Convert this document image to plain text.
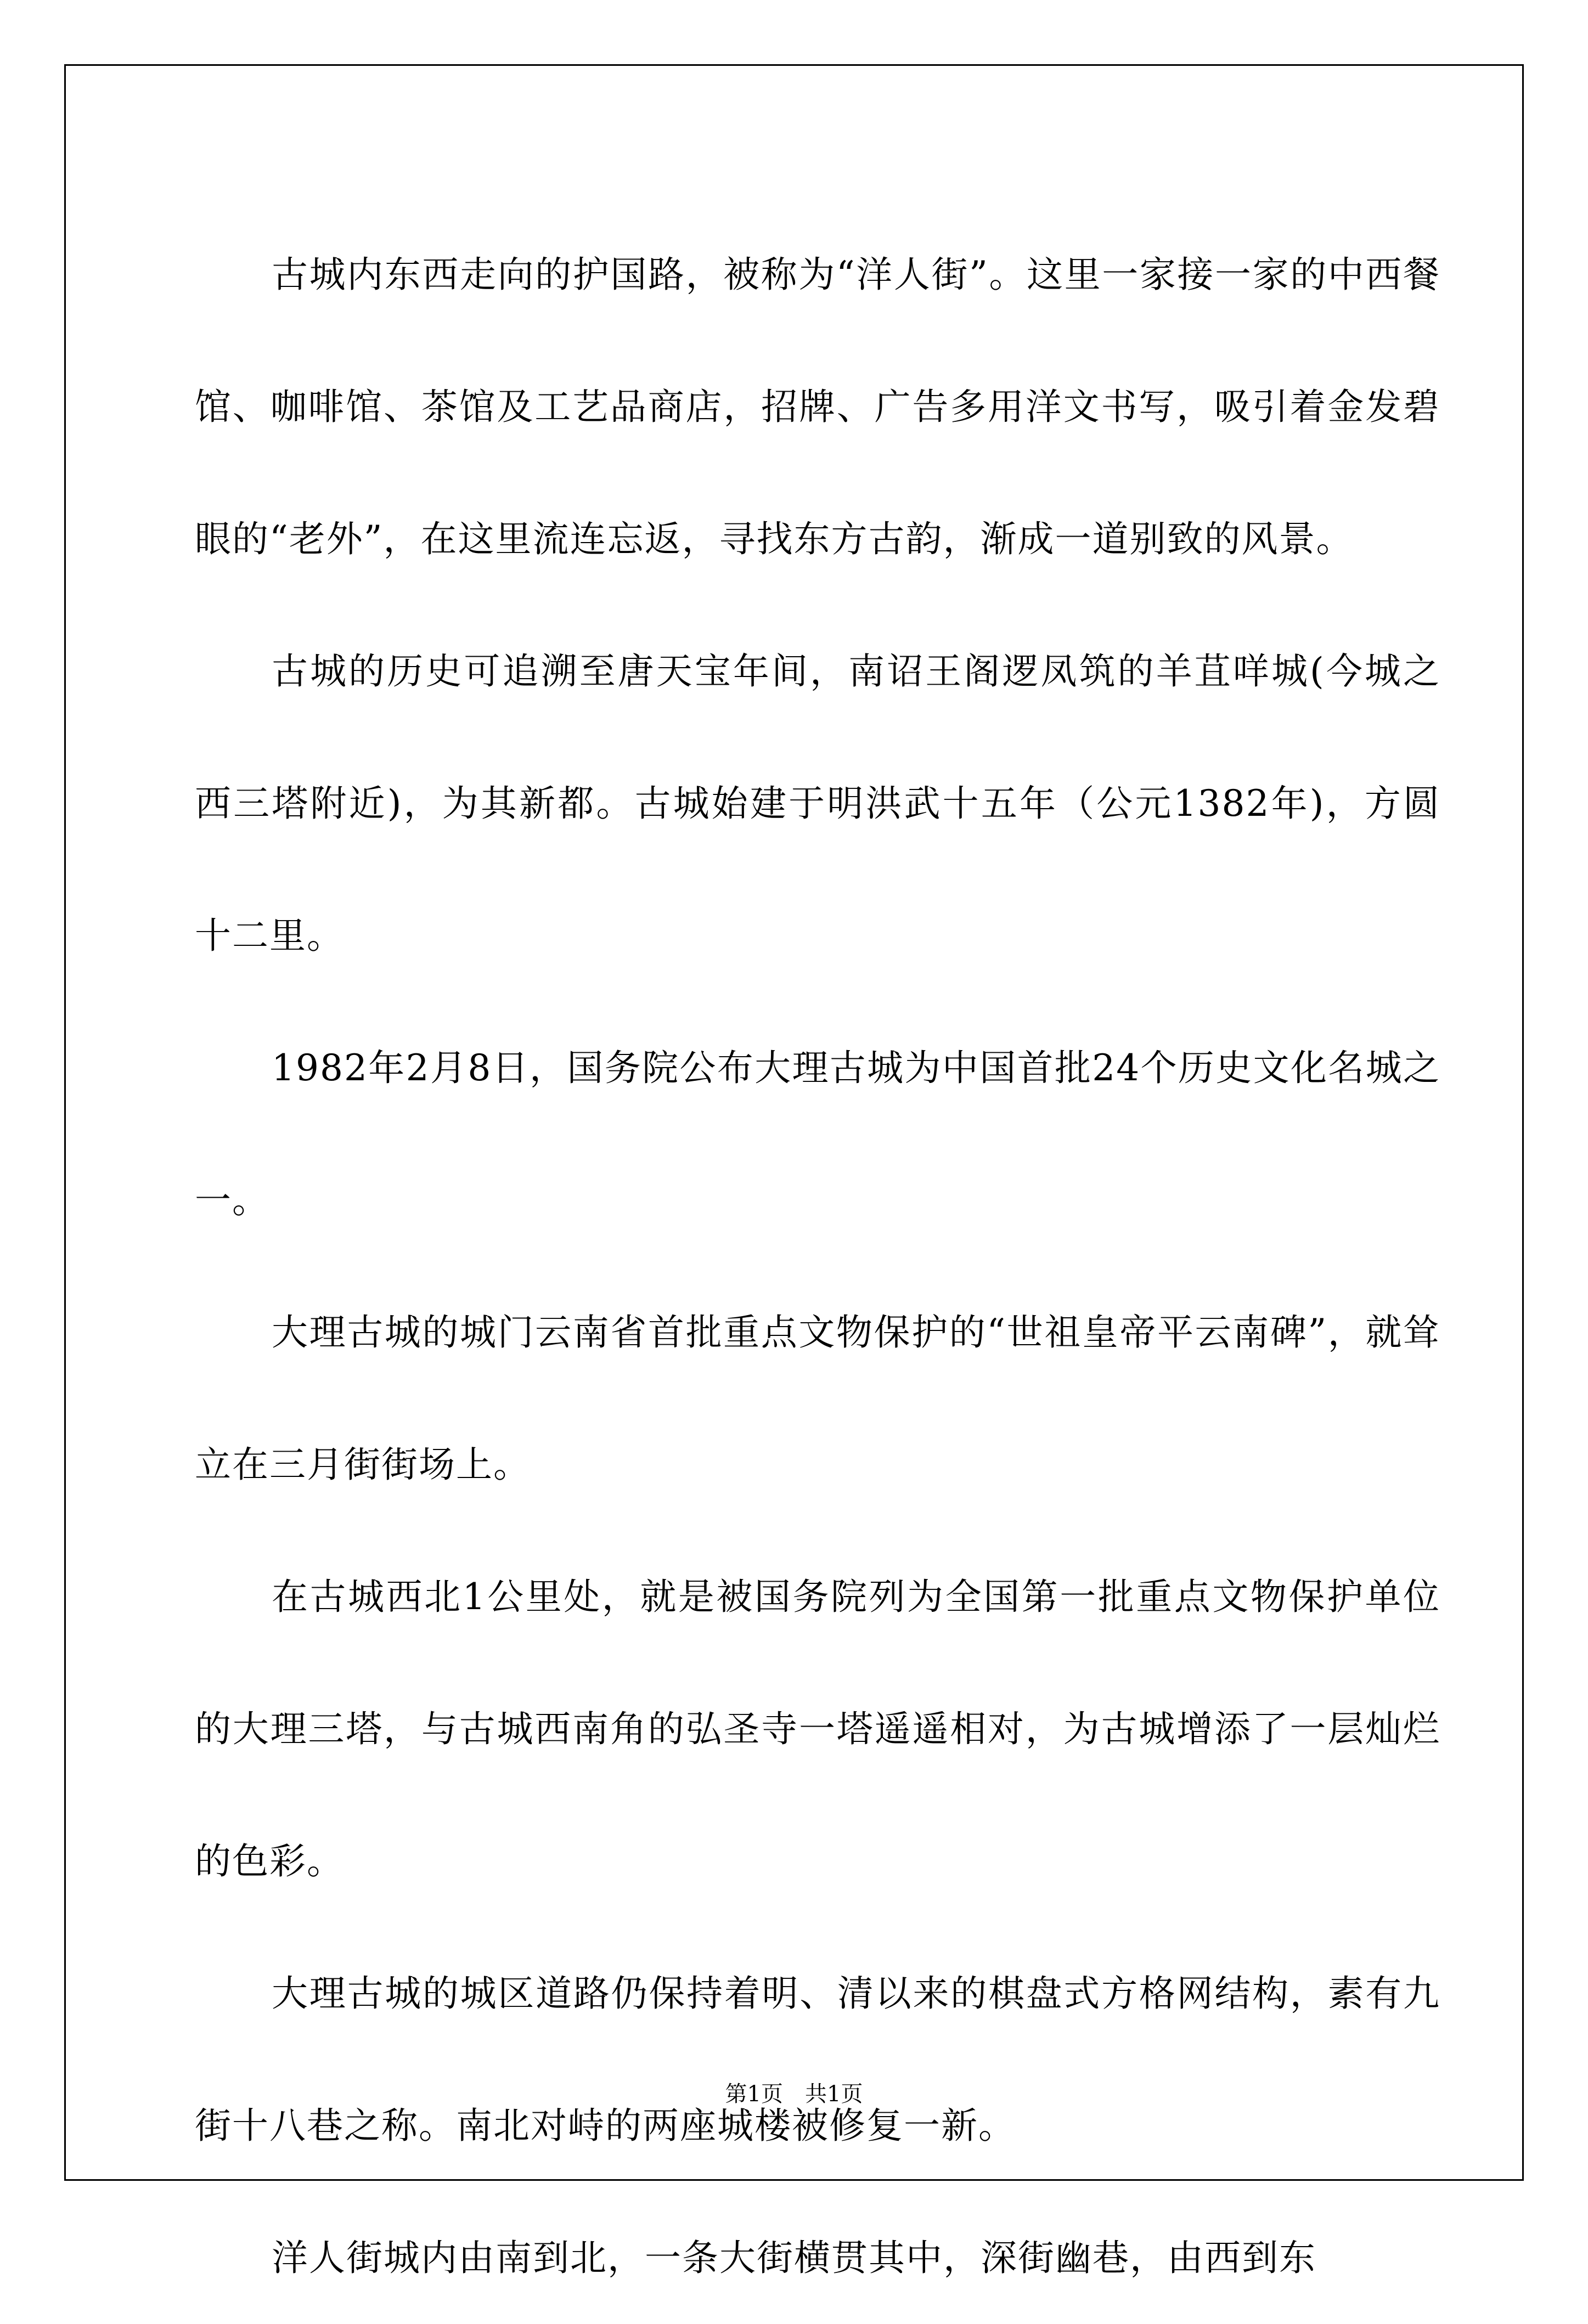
古城内东西走向的护国路，被称为“洋人街”。这里一家接一家的中西餐馆、咖啡馆、茶馆及工艺品商店，招牌、广告多用洋文书写，吸引着金发碧眼的“老外”，在这里流连忘返，寻找东方古韵，渐成一道别致的风景。

古城的历史可追溯至唐天宝年间，南诏王阁逻凤筑的羊苴咩城(今城之西三塔附近)，为其新都。古城始建于明洪武十五年（公元1382年)，方圆十二里。

1982年2月8日，国务院公布大理古城为中国首批24个历史文化名城之一。

大理古城的城门云南省首批重点文物保护的“世祖皇帝平云南碑”，就耸立在三月街街场上。

在古城西北1公里处，就是被国务院列为全国第一批重点文物保护单位的大理三塔，与古城西南角的弘圣寺一塔遥遥相对，为古城增添了一层灿烂的色彩。

大理古城的城区道路仍保持着明、清以来的棋盘式方格网结构，素有九街十八巷之称。南北对峙的两座城楼被修复一新。

洋人街城内由南到北，一条大街横贯其中，深街幽巷，由西到东

第1页 共1页
